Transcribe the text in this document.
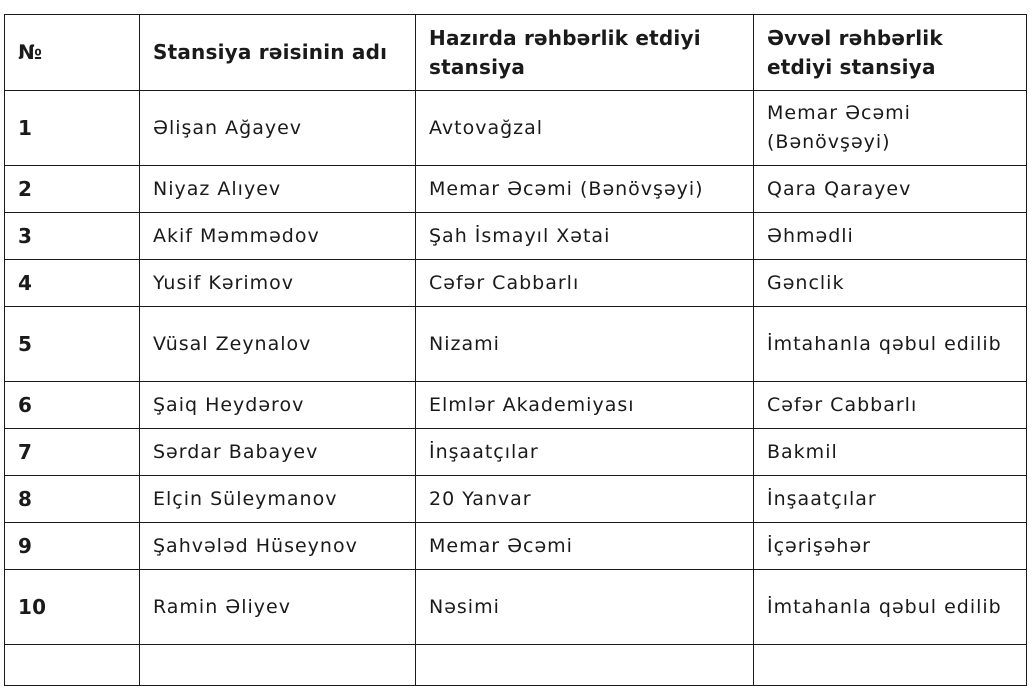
№	Stansiya rəisinin adı	Hazırda rəhbərlik etdiyi stansiya	Əvvəl rəhbərlik etdiyi stansiya
1	Əlişan Ağayev	Avtovağzal	Memar Əcəmi (Bənövşəyi)
2	Niyaz Alıyev	Memar Əcəmi (Bənövşəyi)	Qara Qarayev
3	Akif Məmmədov	Şah İsmayıl Xətai	Əhmədli
4	Yusif Kərimov	Cəfər Cabbarlı	Gənclik
5	Vüsal Zeynalov	Nizami	İmtahanla qəbul edilib
6	Şaiq Heydərov	Elmlər Akademiyası	Cəfər Cabbarlı
7	Sərdar Babayev	İnşaatçılar	Bakmil
8	Elçin Süleymanov	20 Yanvar	İnşaatçılar
9	Şahvələd Hüseynov	Memar Əcəmi	İçərişəhər
10	Ramin Əliyev	Nəsimi	İmtahanla qəbul edilib
